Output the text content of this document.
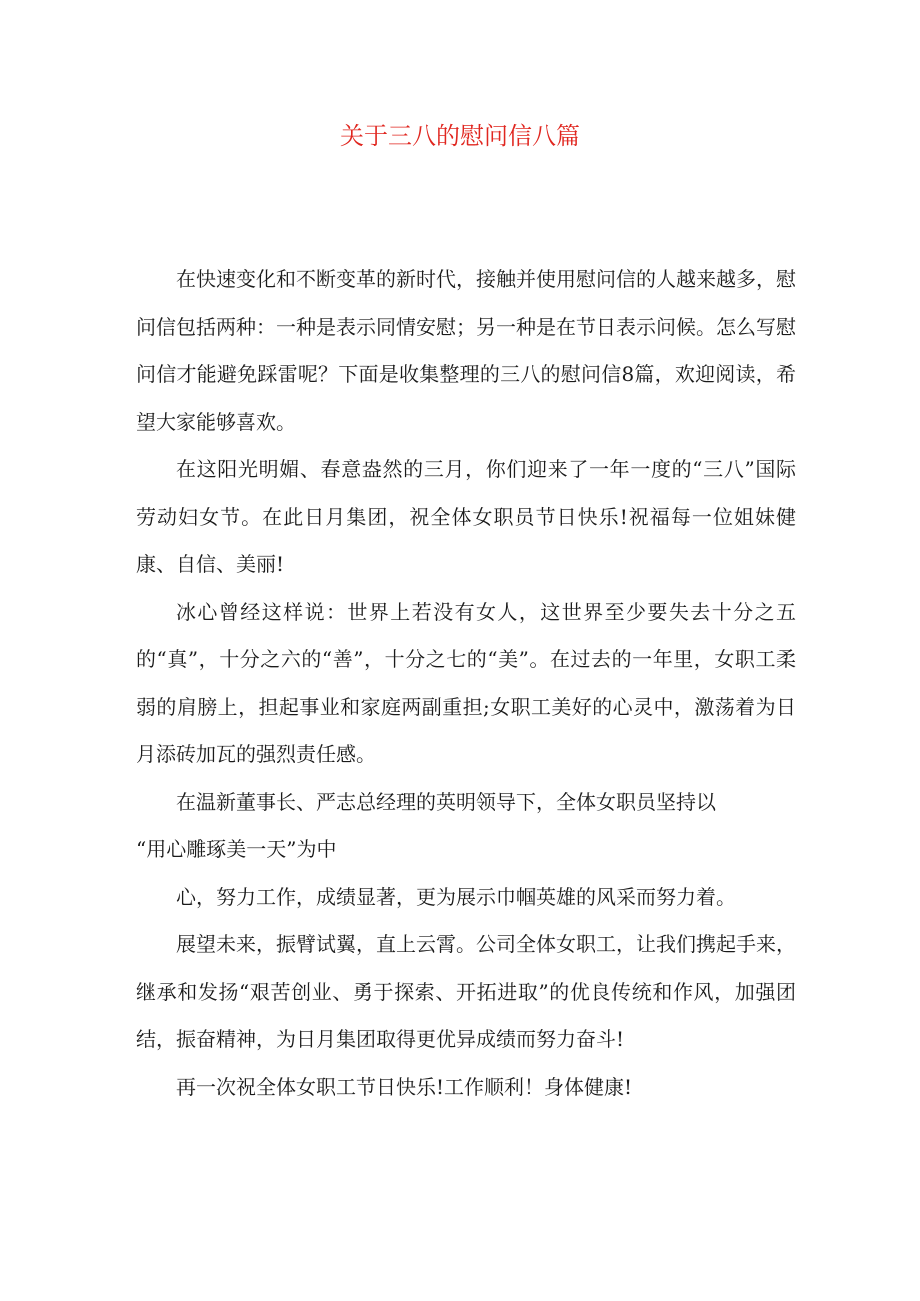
关于三八的慰问信八篇

在快速变化和不断变革的新时代，接触并使用慰问信的人越来越多，慰问信包括两种：一种是表示同情安慰；另一种是在节日表示问候。怎么写慰问信才能避免踩雷呢？下面是收集整理的三八的慰问信8篇，欢迎阅读，希望大家能够喜欢。

在这阳光明媚、春意盎然的三月，你们迎来了一年一度的“三八”国际劳动妇女节。在此日月集团，祝全体女职员节日快乐!祝福每一位姐妹健康、自信、美丽!

冰心曾经这样说：世界上若没有女人，这世界至少要失去十分之五的“真”，十分之六的“善”，十分之七的“美”。在过去的一年里，女职工柔弱的肩膀上，担起事业和家庭两副重担;女职工美好的心灵中，激荡着为日月添砖加瓦的强烈责任感。

在温新董事长、严志总经理的英明领导下，全体女职员坚持以

“用心雕琢美一天”为中

心，努力工作，成绩显著，更为展示巾帼英雄的风采而努力着。

展望未来，振臂试翼，直上云霄。公司全体女职工，让我们携起手来，继承和发扬“艰苦创业、勇于探索、开拓进取”的优良传统和作风，加强团结，振奋精神，为日月集团取得更优异成绩而努力奋斗!

再一次祝全体女职工节日快乐!工作顺利！身体健康!
